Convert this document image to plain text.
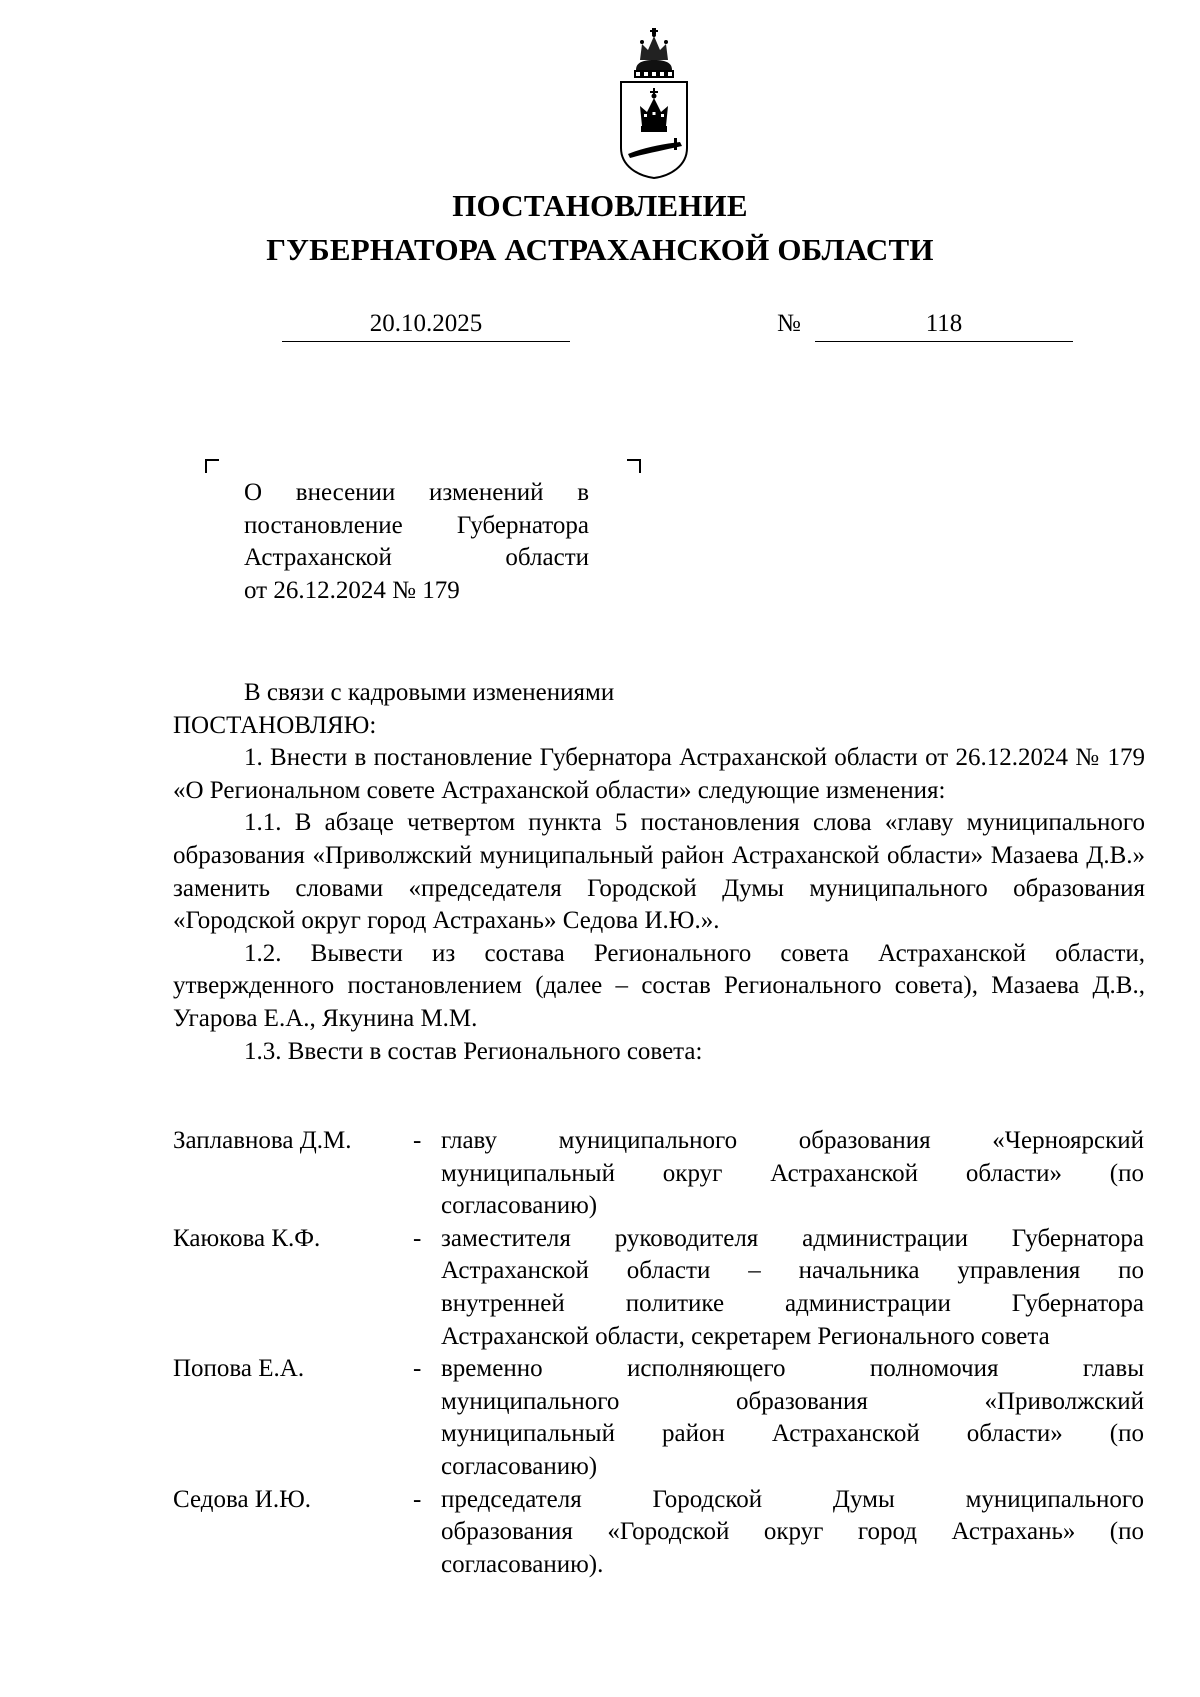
ПОСТАНОВЛЕНИЕ
ГУБЕРНАТОРА АСТРАХАНСКОЙ ОБЛАСТИ
20.10.2025	№	118
О внесении изменений в
постановление Губернатора
Астраханской области
от 26.12.2024 № 179
В связи с кадровыми изменениями
ПОСТАНОВЛЯЮ:
1. Внести в постановление Губернатора Астраханской области от 26.12.2024 № 179 «О Региональном совете Астраханской области» следующие изменения:
1.1. В абзаце четвертом пункта 5 постановления слова «главу муниципального образования «Приволжский муниципальный район Астраханской области» Мазаева Д.В.» заменить словами «председателя Городской Думы муниципального образования «Городской округ город Астрахань» Седова И.Ю.».
1.2. Вывести из состава Регионального совета Астраханской области, утвержденного постановлением (далее – состав Регионального совета), Мазаева Д.В., Угарова Е.А., Якунина М.М.
1.3. Ввести в состав Регионального совета:
Заплавнова Д.М.	- главу муниципального образования «Черноярский
муниципальный округ Астраханской области» (по
согласованию)
Каюкова К.Ф.	- заместителя руководителя администрации Губернатора
Астраханской области – начальника управления по
внутренней политике администрации Губернатора
Астраханской области, секретарем Регионального совета
Попова Е.А.	- временно исполняющего полномочия главы
муниципального образования «Приволжский
муниципальный район Астраханской области» (по
согласованию)
Седова И.Ю.	- председателя Городской Думы муниципального
образования «Городской округ город Астрахань» (по
согласованию).
